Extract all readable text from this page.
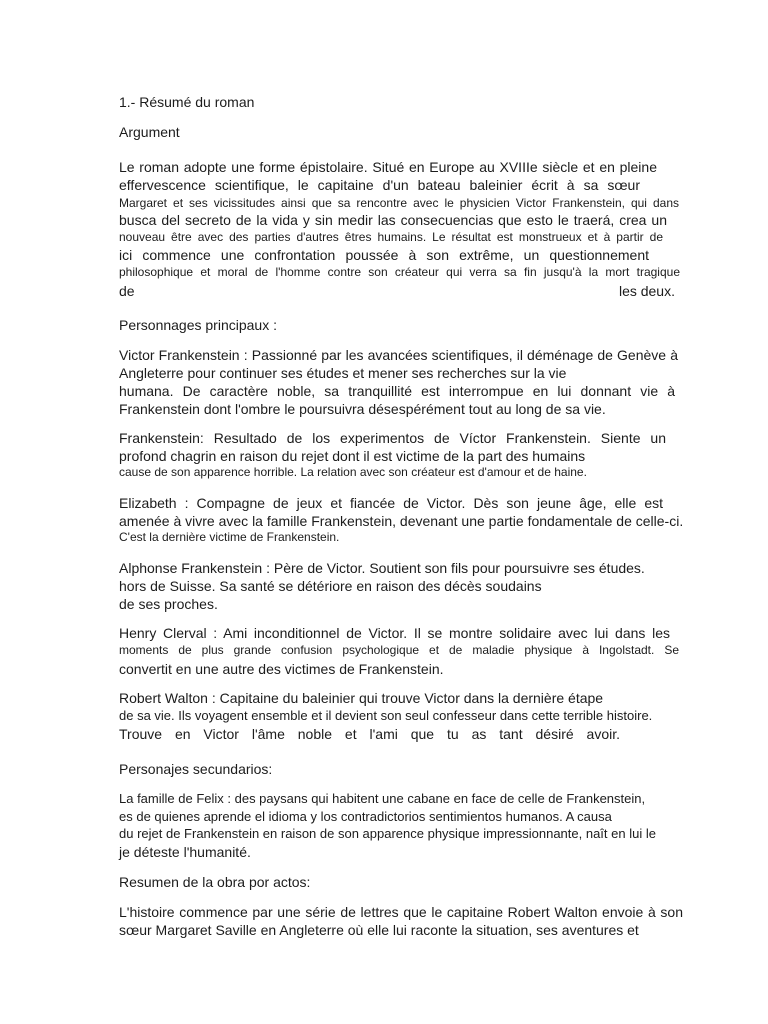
1.- Résumé du roman
Argument
Le roman adopte une forme épistolaire. Situé en Europe au XVIIIe siècle et en pleine
effervescence scientifique, le capitaine d'un bateau baleinier écrit à sa sœur
Margaret et ses vicissitudes ainsi que sa rencontre avec le physicien Victor Frankenstein, qui dans
busca del secreto de la vida y sin medir las consecuencias que esto le traerá, crea un
nouveau être avec des parties d'autres êtres humains. Le résultat est monstrueux et à partir de
ici commence une confrontation poussée à son extrême, un questionnement
philosophique et moral de l'homme contre son créateur qui verra sa fin jusqu'à la mort tragique
de	les deux.
Personnages principaux :
Victor Frankenstein : Passionné par les avancées scientifiques, il déménage de Genève à
Angleterre pour continuer ses études et mener ses recherches sur la vie
humana. De caractère noble, sa tranquillité est interrompue en lui donnant vie à
Frankenstein dont l'ombre le poursuivra désespérément tout au long de sa vie.
Frankenstein: Resultado de los experimentos de Víctor Frankenstein. Siente un
profond chagrin en raison du rejet dont il est victime de la part des humains
cause de son apparence horrible. La relation avec son créateur est d'amour et de haine.
Elizabeth : Compagne de jeux et fiancée de Victor. Dès son jeune âge, elle est
amenée à vivre avec la famille Frankenstein, devenant une partie fondamentale de celle-ci.
C'est la dernière victime de Frankenstein.
Alphonse Frankenstein : Père de Victor. Soutient son fils pour poursuivre ses études.
hors de Suisse. Sa santé se détériore en raison des décès soudains
de ses proches.
Henry Clerval : Ami inconditionnel de Victor. Il se montre solidaire avec lui dans les
moments de plus grande confusion psychologique et de maladie physique à Ingolstadt. Se
convertit en une autre des victimes de Frankenstein.
Robert Walton : Capitaine du baleinier qui trouve Victor dans la dernière étape
de sa vie. Ils voyagent ensemble et il devient son seul confesseur dans cette terrible histoire.
Trouve en Victor l'âme noble et l'ami que tu as tant désiré avoir.
Personajes secundarios:
La famille de Felix : des paysans qui habitent une cabane en face de celle de Frankenstein,
es de quienes aprende el idioma y los contradictorios sentimientos humanos. A causa
du rejet de Frankenstein en raison de son apparence physique impressionnante, naît en lui le
je déteste l'humanité.
Resumen de la obra por actos:
L'histoire commence par une série de lettres que le capitaine Robert Walton envoie à son
sœur Margaret Saville en Angleterre où elle lui raconte la situation, ses aventures et
